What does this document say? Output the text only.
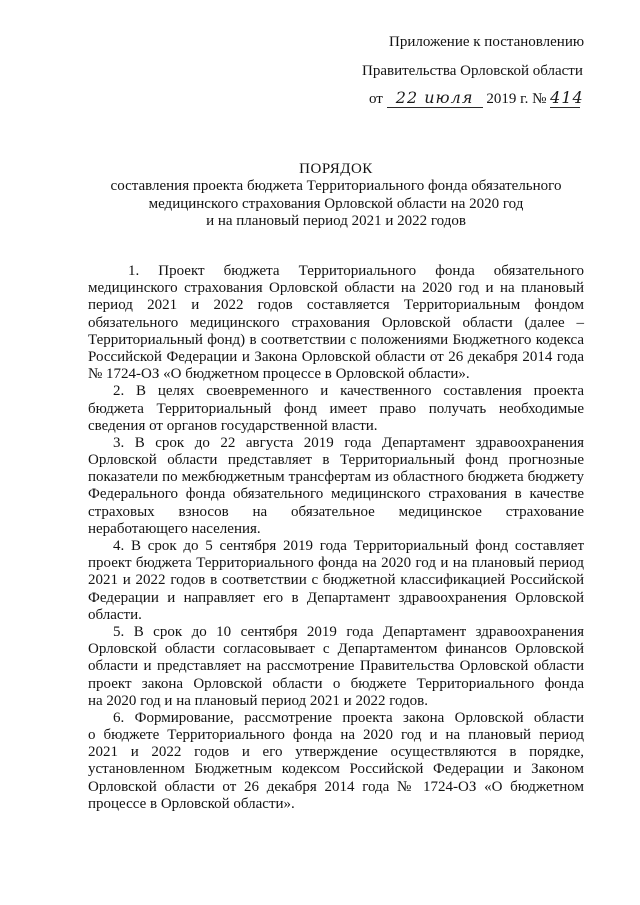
Приложение к постановлению
Правительства Орловской области
от 22 июля 2019 г. № 414
ПОРЯДОК
составления проекта бюджета Территориального фонда обязательного
медицинского страхования Орловской области на 2020 год
и на плановый период 2021 и 2022 годов
1. Проект бюджета Территориального фонда обязательного
медицинского страхования Орловской области на 2020 год и на плановый
период 2021 и 2022 годов составляется Территориальным фондом
обязательного медицинского страхования Орловской области (далее –
Территориальный фонд) в соответствии с положениями Бюджетного кодекса
Российской Федерации и Закона Орловской области от 26 декабря 2014 года
№ 1724-ОЗ «О бюджетном процессе в Орловской области».
2. В целях своевременного и качественного составления проекта
бюджета Территориальный фонд имеет право получать необходимые
сведения от органов государственной власти.
3. В срок до 22 августа 2019 года Департамент здравоохранения
Орловской области представляет в Территориальный фонд прогнозные
показатели по межбюджетным трансфертам из областного бюджета бюджету
Федерального фонда обязательного медицинского страхования в качестве
страховых взносов на обязательное медицинское страхование
неработающего населения.
4. В срок до 5 сентября 2019 года Территориальный фонд составляет
проект бюджета Территориального фонда на 2020 год и на плановый период
2021 и 2022 годов в соответствии с бюджетной классификацией Российской
Федерации и направляет его в Департамент здравоохранения Орловской
области.
5. В срок до 10 сентября 2019 года Департамент здравоохранения
Орловской области согласовывает с Департаментом финансов Орловской
области и представляет на рассмотрение Правительства Орловской области
проект закона Орловской области о бюджете Территориального фонда
на 2020 год и на плановый период 2021 и 2022 годов.
6. Формирование, рассмотрение проекта закона Орловской области
о бюджете Территориального фонда на 2020 год и на плановый период
2021 и 2022 годов и его утверждение осуществляются в порядке,
установленном Бюджетным кодексом Российской Федерации и Законом
Орловской области от 26 декабря 2014 года № 1724-ОЗ «О бюджетном
процессе в Орловской области».
